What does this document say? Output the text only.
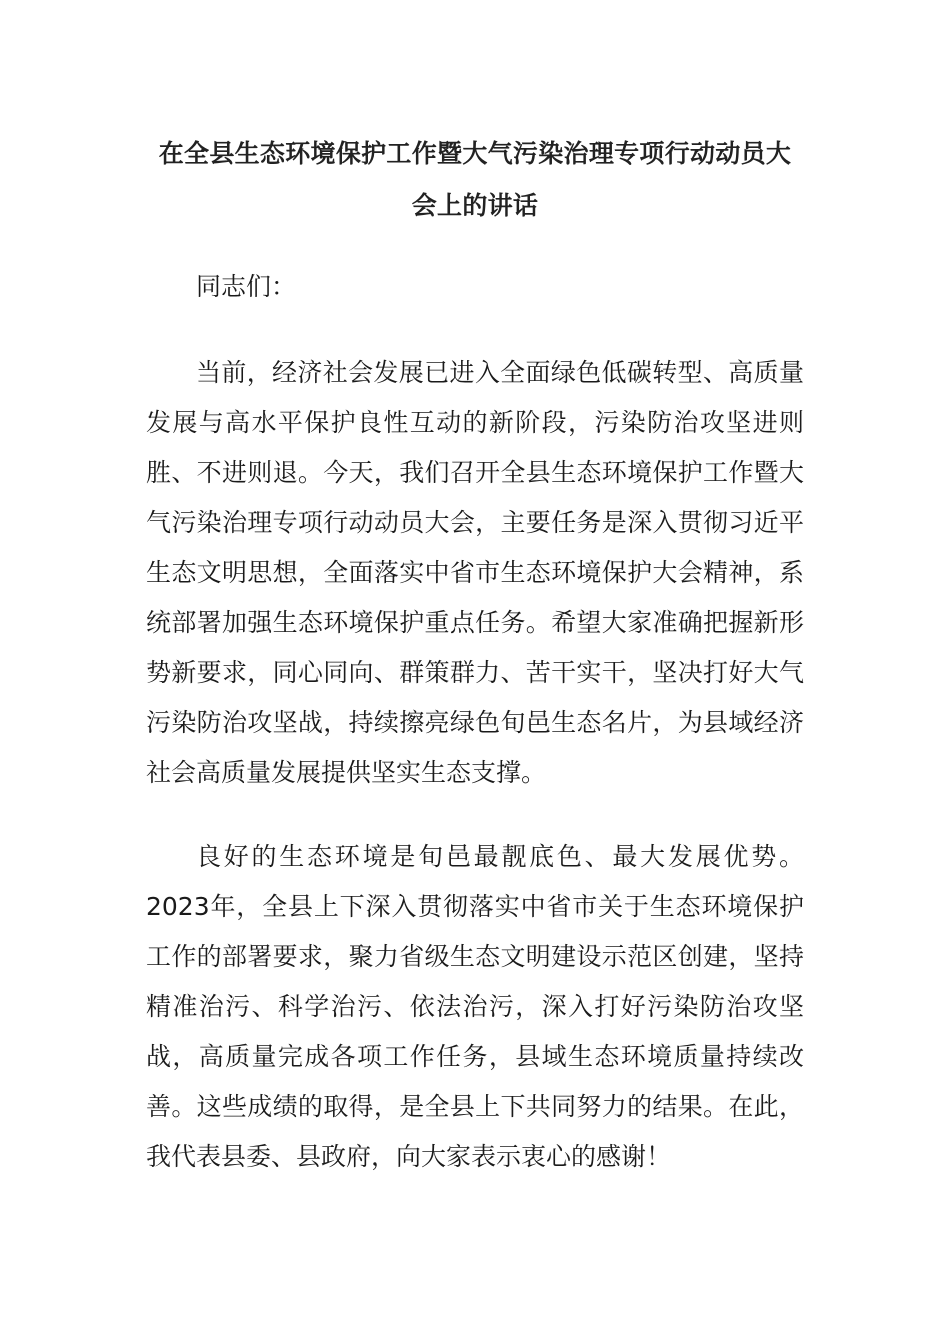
在全县生态环境保护工作暨大气污染治理专项行动动员大会上的讲话

同志们：

当前，经济社会发展已进入全面绿色低碳转型、高质量发展与高水平保护良性互动的新阶段，污染防治攻坚进则胜、不进则退。今天，我们召开全县生态环境保护工作暨大气污染治理专项行动动员大会，主要任务是深入贯彻习近平生态文明思想，全面落实中省市生态环境保护大会精神，系统部署加强生态环境保护重点任务。希望大家准确把握新形势新要求，同心同向、群策群力、苦干实干，坚决打好大气污染防治攻坚战，持续擦亮绿色旬邑生态名片，为县域经济社会高质量发展提供坚实生态支撑。

良好的生态环境是旬邑最靓底色、最大发展优势。2023年，全县上下深入贯彻落实中省市关于生态环境保护工作的部署要求，聚力省级生态文明建设示范区创建，坚持精准治污、科学治污、依法治污，深入打好污染防治攻坚战，高质量完成各项工作任务，县域生态环境质量持续改善。这些成绩的取得，是全县上下共同努力的结果。在此，我代表县委、县政府，向大家表示衷心的感谢！
